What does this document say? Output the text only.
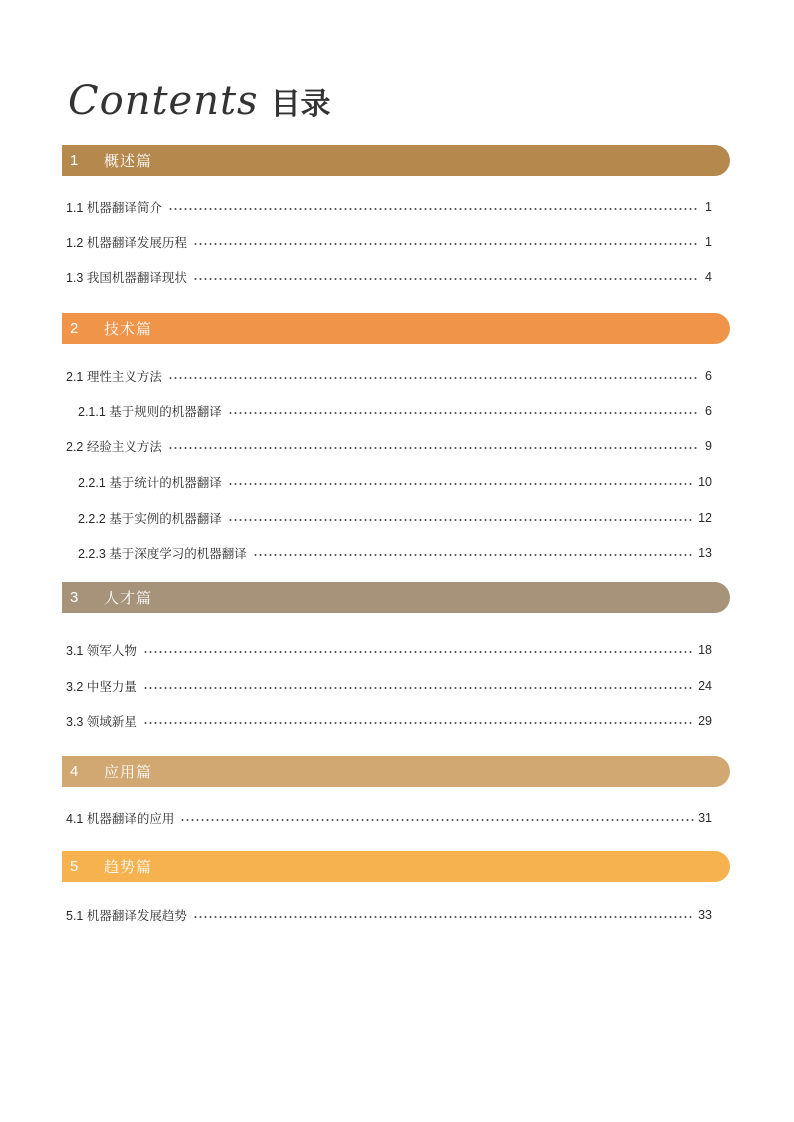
Contents 目录
1	概述篇
1.1 机器翻译简介	1
1.2 机器翻译发展历程	1
1.3 我国机器翻译现状	4
2	技术篇
2.1 理性主义方法	6
2.1.1 基于规则的机器翻译	6
2.2 经验主义方法	9
2.2.1 基于统计的机器翻译	10
2.2.2 基于实例的机器翻译	12
2.2.3 基于深度学习的机器翻译	13
3	人才篇
3.1 领军人物	18
3.2 中坚力量	24
3.3 领域新星	29
4	应用篇
4.1 机器翻译的应用	31
5	趋势篇
5.1 机器翻译发展趋势	33
